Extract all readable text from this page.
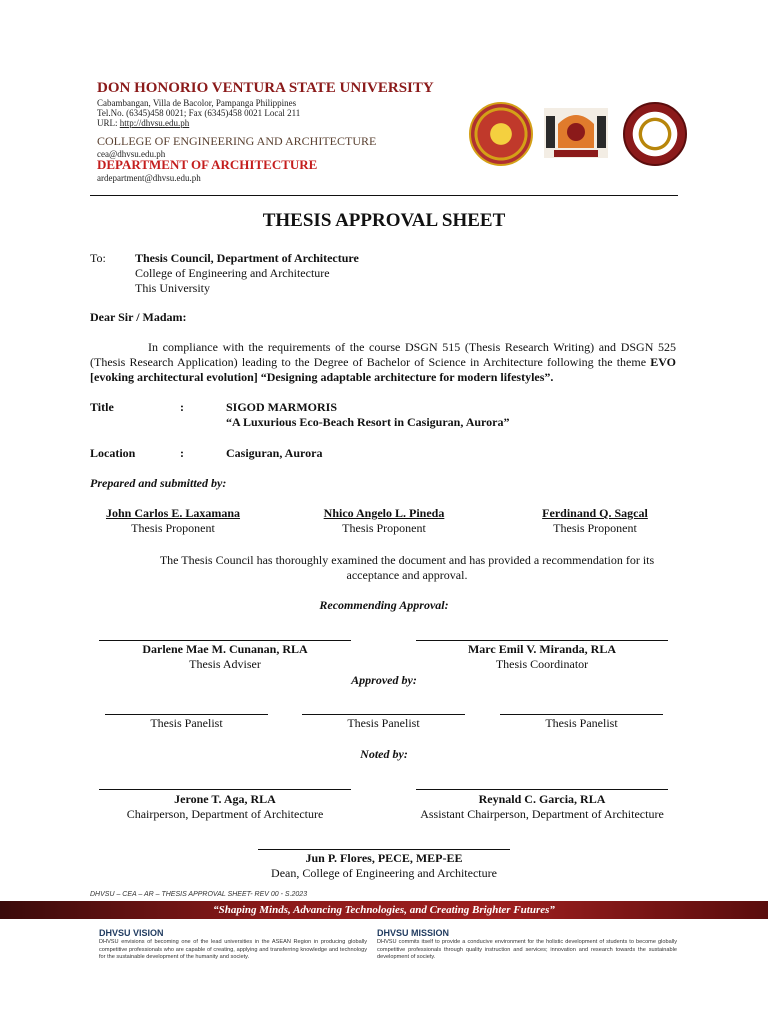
DON HONORIO VENTURA STATE UNIVERSITY
Cabambangan, Villa de Bacolor, Pampanga Philippines
Tel.No. (6345)458 0021; Fax (6345)458 0021 Local 211
URL: http://dhvsu.edu.ph
COLLEGE OF ENGINEERING AND ARCHITECTURE
cea@dhvsu.edu.ph
DEPARTMENT OF ARCHITECTURE
ardepartment@dhvsu.edu.ph
THESIS APPROVAL SHEET
To: Thesis Council, Department of Architecture
College of Engineering and Architecture
This University
Dear Sir / Madam:
In compliance with the requirements of the course DSGN 515 (Thesis Research Writing) and DSGN 525 (Thesis Research Application) leading to the Degree of Bachelor of Science in Architecture following the theme EVO [evoking architectural evolution] “Designing adaptable architecture for modern lifestyles”.
Title	:	SIGOD MARMORIS
“A Luxurious Eco-Beach Resort in Casiguran, Aurora”
Location	:	Casiguran, Aurora
Prepared and submitted by:
John Carlos E. Laxamana
Thesis Proponent
Nhico Angelo L. Pineda
Thesis Proponent
Ferdinand Q. Sagcal
Thesis Proponent
The Thesis Council has thoroughly examined the document and has provided a recommendation for its acceptance and approval.
Recommending Approval:
Darlene Mae M. Cunanan, RLA
Thesis Adviser
Marc Emil V. Miranda, RLA
Thesis Coordinator
Approved by:
Thesis Panelist	Thesis Panelist	Thesis Panelist
Noted by:
Jerone T. Aga, RLA
Chairperson, Department of Architecture
Reynald C. Garcia, RLA
Assistant Chairperson, Department of Architecture
Jun P. Flores, PECE, MEP-EE
Dean, College of Engineering and Architecture
DHVSU – CEA – AR – THESIS APPROVAL SHEET- REV 00 - S.2023
“Shaping Minds, Advancing Technologies, and Creating Brighter Futures”
DHVSU VISION
DHVSU envisions of becoming one of the lead universities in the ASEAN Region in producing globally competitive professionals who are capable of creating, applying and transferring knowledge and technology for the sustainable development of the humanity and society.
DHVSU MISSION
DHVSU commits itself to provide a conducive environment for the holistic development of students to become globally competitive professionals through quality instruction and services; innovation and research towards the sustainable development of society.
